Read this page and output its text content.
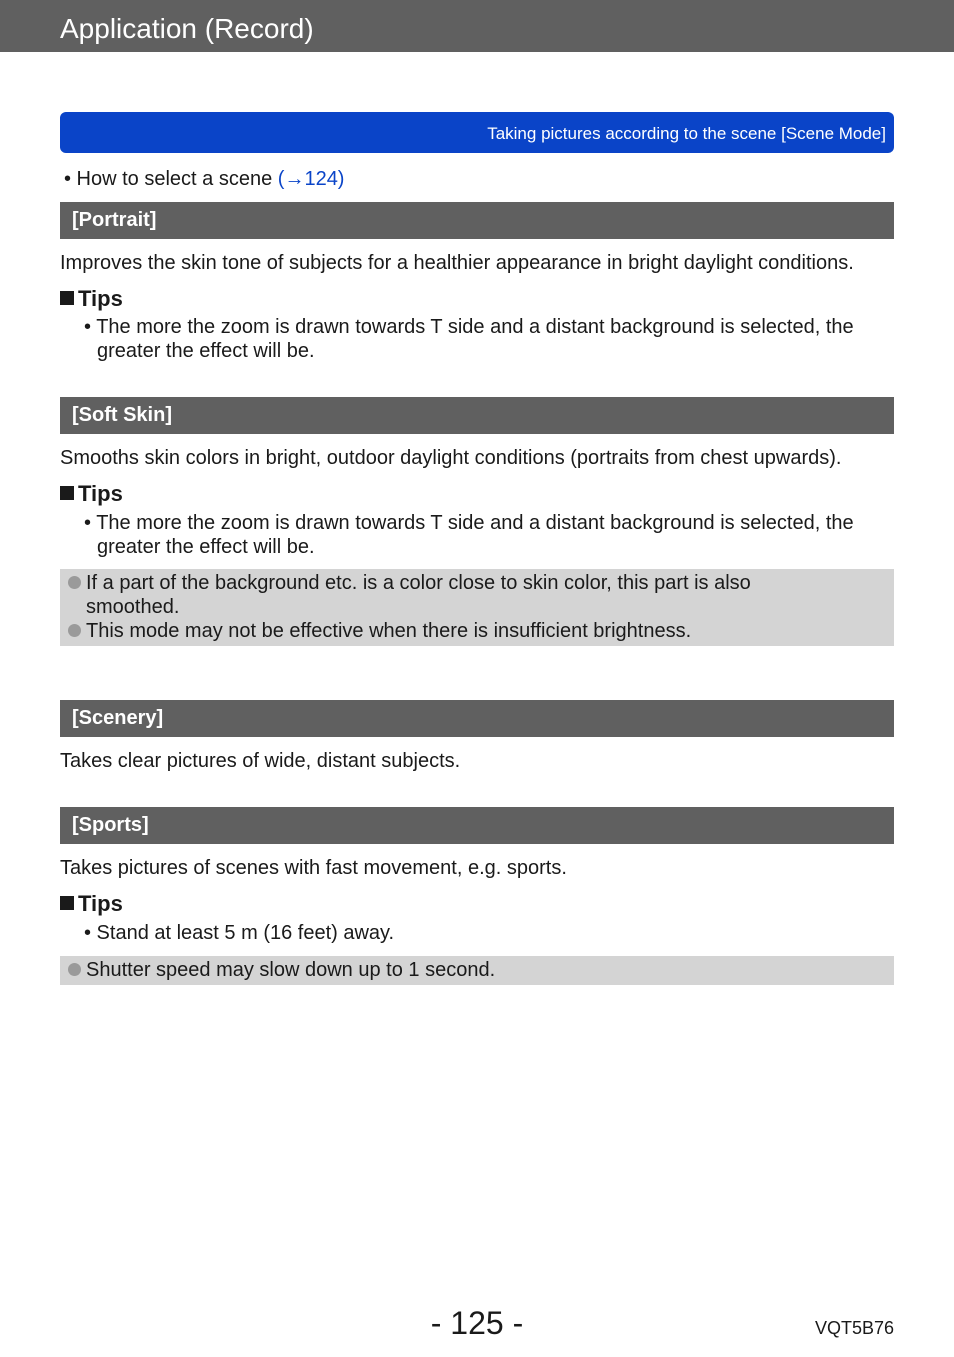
Application (Record)
Taking pictures according to the scene [Scene Mode]
• How to select a scene (→124)
[Portrait]
Improves the skin tone of subjects for a healthier appearance in bright daylight conditions.
Tips
• The more the zoom is drawn towards T side and a distant background is selected, the greater the effect will be.
[Soft Skin]
Smooths skin colors in bright, outdoor daylight conditions (portraits from chest upwards).
Tips
• The more the zoom is drawn towards T side and a distant background is selected, the greater the effect will be.
If a part of the background etc. is a color close to skin color, this part is also smoothed.
This mode may not be effective when there is insufficient brightness.
[Scenery]
Takes clear pictures of wide, distant subjects.
[Sports]
Takes pictures of scenes with fast movement, e.g. sports.
Tips
• Stand at least 5 m (16 feet) away.
Shutter speed may slow down up to 1 second.
- 125 -	VQT5B76
